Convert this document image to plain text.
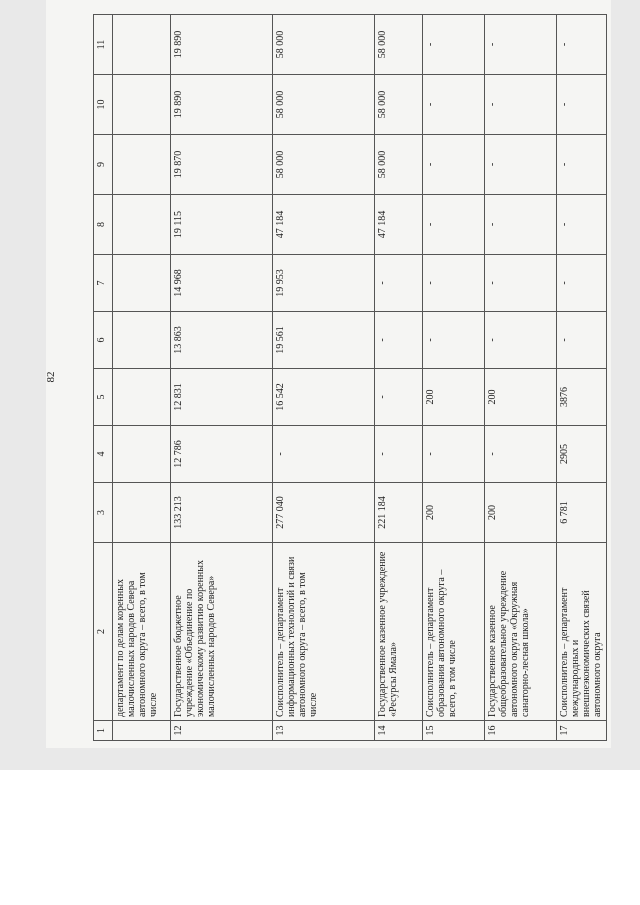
82
1	2	3	4	5	6	7	8	9	10	11
	департамент по делам коренных малочисленных народов Севера автономного округа – всего, в том числе									
12	Государственное бюджетное учреждение «Объединение по экономическому развитию коренных малочисленных народов Севера»	133 213	12 786	12 831	13 863	14 968	19 115	19 870	19 890	19 890
13	Соисполнитель – департамент информационных технологий и связи автономного округа – всего, в том числе	277 040	-	16 542	19 561	19 953	47 184	58 000	58 000	58 000
14	Государственное казенное учреждение «Ресурсы Ямала»	221 184	-	-	-	-	47 184	58 000	58 000	58 000
15	Соисполнитель – департамент образования автономного округа – всего, в том числе	200	-	200	-	-	-	-	-	-
16	Государственное казенное общеобразовательное учреждение автономного округа «Окружная санаторно-лесная школа»	200	-	200	-	-	-	-	-	-
17	Соисполнитель – департамент международных и внешнеэкономических связей автономного округа	6 781	2905	3876	-	-	-	-	-	-
